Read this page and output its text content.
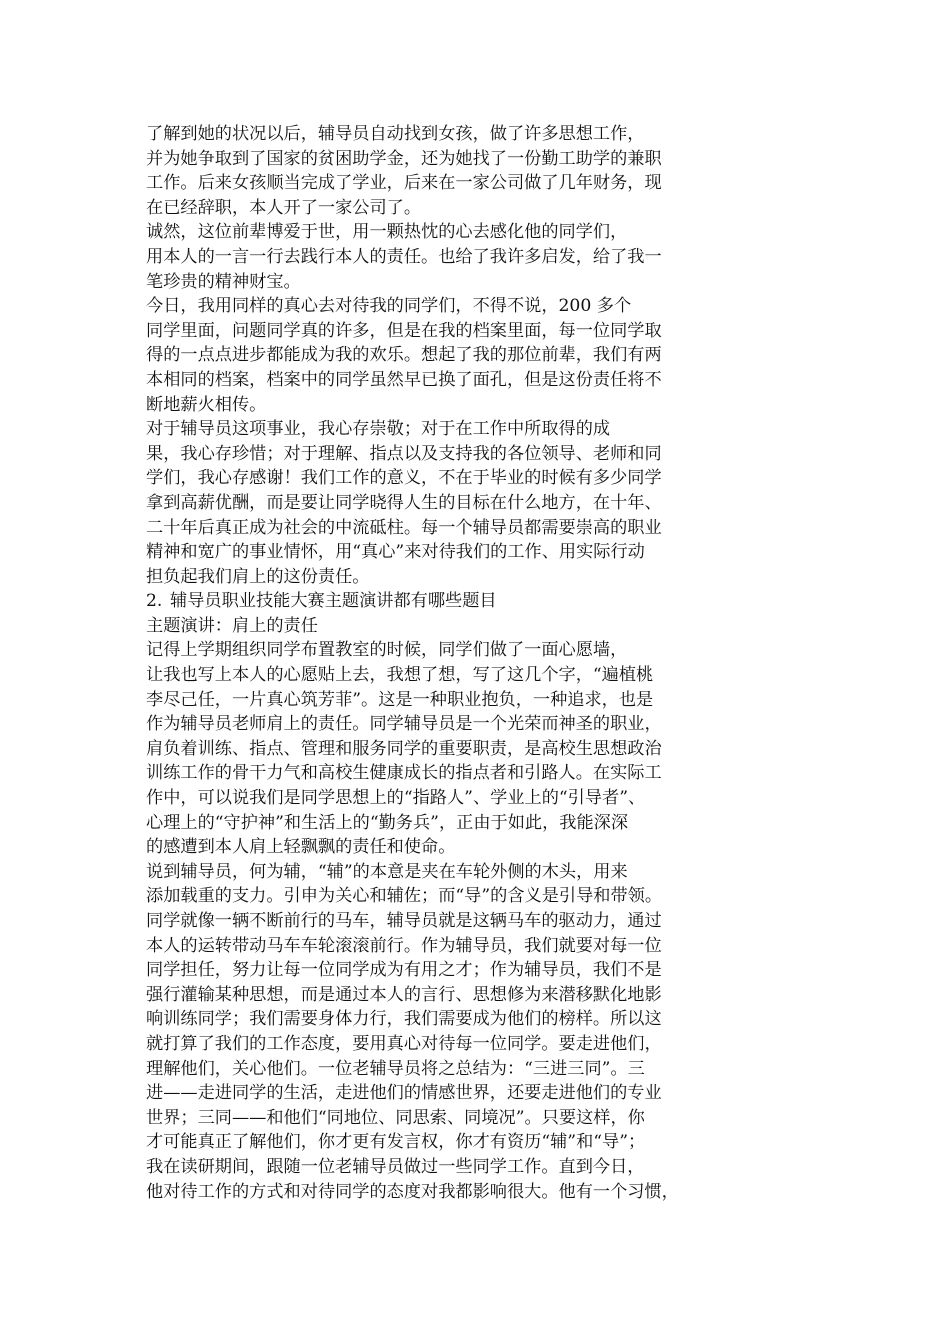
了解到她的状况以后，辅导员自动找到女孩，做了许多思想工作，
并为她争取到了国家的贫困助学金，还为她找了一份勤工助学的兼职
工作。后来女孩顺当完成了学业，后来在一家公司做了几年财务，现
在已经辞职，本人开了一家公司了。
诚然，这位前辈博爱于世，用一颗热忱的心去感化他的同学们，
用本人的一言一行去践行本人的责任。也给了我许多启发，给了我一
笔珍贵的精神财宝。
今日，我用同样的真心去对待我的同学们，不得不说，200 多个
同学里面，问题同学真的许多，但是在我的档案里面，每一位同学取
得的一点点进步都能成为我的欢乐。想起了我的那位前辈，我们有两
本相同的档案，档案中的同学虽然早已换了面孔，但是这份责任将不
断地薪火相传。
对于辅导员这项事业，我心存崇敬；对于在工作中所取得的成
果，我心存珍惜；对于理解、指点以及支持我的各位领导、老师和同
学们，我心存感谢！我们工作的意义，不在于毕业的时候有多少同学
拿到高薪优酬，而是要让同学晓得人生的目标在什么地方，在十年、
二十年后真正成为社会的中流砥柱。每一个辅导员都需要崇高的职业
精神和宽广的事业情怀，用“真心”来对待我们的工作、用实际行动
担负起我们肩上的这份责任。
2. 辅导员职业技能大赛主题演讲都有哪些题目
主题演讲：肩上的责任
记得上学期组织同学布置教室的时候，同学们做了一面心愿墙，
让我也写上本人的心愿贴上去，我想了想，写了这几个字，“遍植桃
李尽己任，一片真心筑芳菲”。这是一种职业抱负，一种追求，也是
作为辅导员老师肩上的责任。同学辅导员是一个光荣而神圣的职业，
肩负着训练、指点、管理和服务同学的重要职责，是高校生思想政治
训练工作的骨干力气和高校生健康成长的指点者和引路人。在实际工
作中，可以说我们是同学思想上的“指路人”、学业上的“引导者”、
心理上的“守护神”和生活上的“勤务兵”，正由于如此，我能深深
的感遭到本人肩上轻飘飘的责任和使命。
说到辅导员，何为辅，“辅”的本意是夹在车轮外侧的木头，用来
添加载重的支力。引申为关心和辅佐；而“导”的含义是引导和带领。
同学就像一辆不断前行的马车，辅导员就是这辆马车的驱动力，通过
本人的运转带动马车车轮滚滚前行。作为辅导员，我们就要对每一位
同学担任，努力让每一位同学成为有用之才；作为辅导员，我们不是
强行灌输某种思想，而是通过本人的言行、思想修为来潜移默化地影
响训练同学；我们需要身体力行，我们需要成为他们的榜样。所以这
就打算了我们的工作态度，要用真心对待每一位同学。要走进他们，
理解他们，关心他们。一位老辅导员将之总结为：“三进三同”。三
进——走进同学的生活，走进他们的情感世界，还要走进他们的专业
世界；三同——和他们“同地位、同思索、同境况”。只要这样，你
才可能真正了解他们，你才更有发言权，你才有资历“辅”和“导”；
我在读研期间，跟随一位老辅导员做过一些同学工作。直到今日，
他对待工作的方式和对待同学的态度对我都影响很大。他有一个习惯，
